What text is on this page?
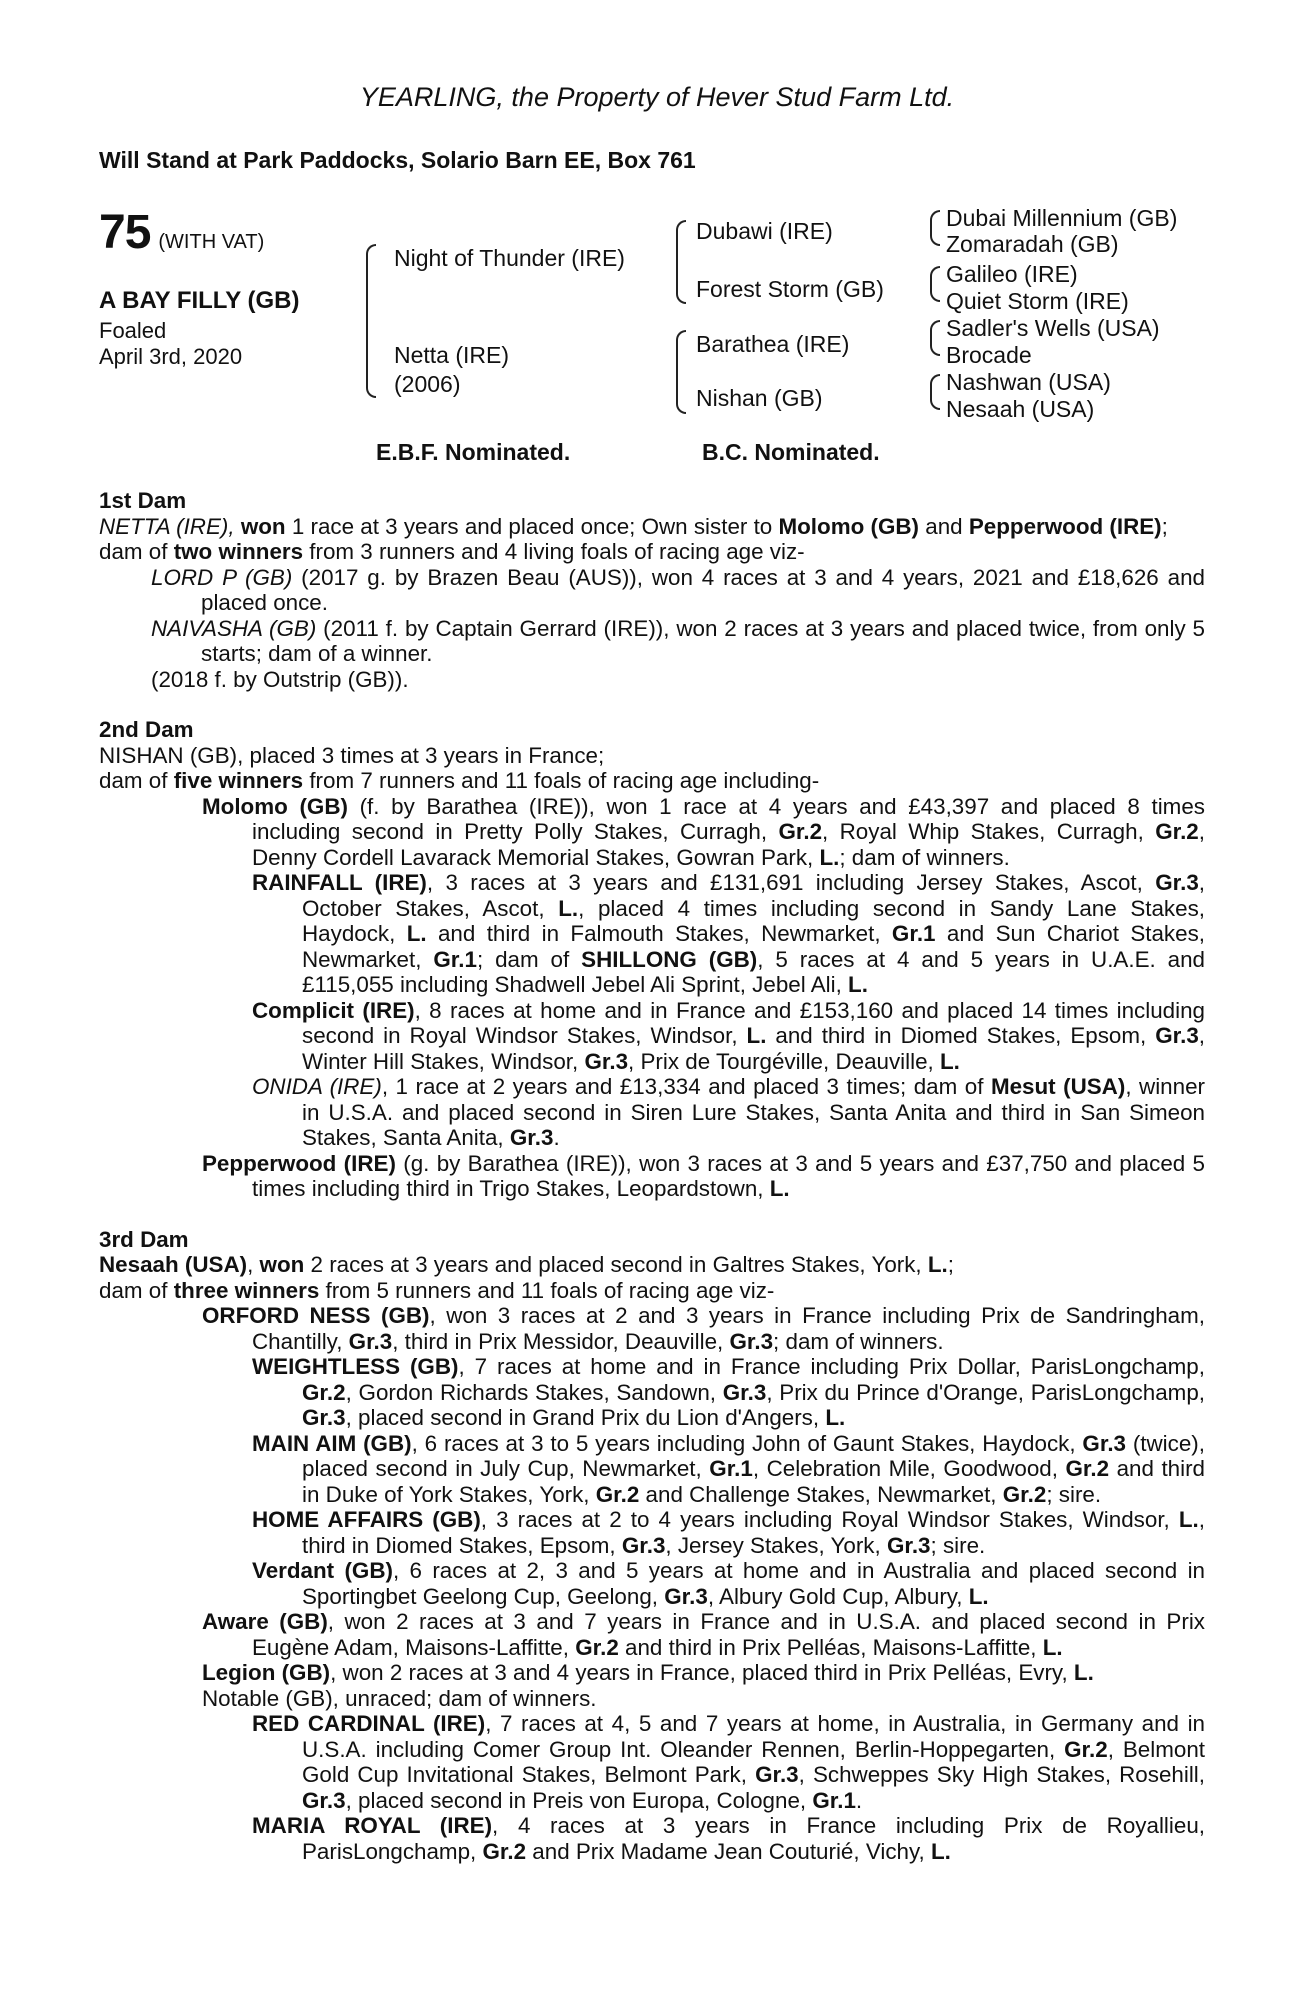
YEARLING, the Property of Hever Stud Farm Ltd.
Will Stand at Park Paddocks, Solario Barn EE, Box 761
75 (WITH VAT)
A BAY FILLY (GB)
Foaled
April 3rd, 2020
Night of Thunder (IRE)
Netta (IRE)
(2006)
Dubawi (IRE)
Forest Storm (GB)
Barathea (IRE)
Nishan (GB)
Dubai Millennium (GB)
Zomaradah (GB)
Galileo (IRE)
Quiet Storm (IRE)
Sadler's Wells (USA)
Brocade
Nashwan (USA)
Nesaah (USA)
E.B.F. Nominated.	B.C. Nominated.
1st Dam

NETTA (IRE), won 1 race at 3 years and placed once; Own sister to Molomo (GB) and Pepperwood (IRE);

dam of two winners from 3 runners and 4 living foals of racing age viz-

LORD P (GB) (2017 g. by Brazen Beau (AUS)), won 4 races at 3 and 4 years, 2021 and £18,626 and placed once.

NAIVASHA (GB) (2011 f. by Captain Gerrard (IRE)), won 2 races at 3 years and placed twice, from only 5 starts; dam of a winner.

(2018 f. by Outstrip (GB)).

2nd Dam

NISHAN (GB), placed 3 times at 3 years in France;

dam of five winners from 7 runners and 11 foals of racing age including-

Molomo (GB) (f. by Barathea (IRE)), won 1 race at 4 years and £43,397 and placed 8 times including second in Pretty Polly Stakes, Curragh, Gr.2, Royal Whip Stakes, Curragh, Gr.2, Denny Cordell Lavarack Memorial Stakes, Gowran Park, L.; dam of winners.

RAINFALL (IRE), 3 races at 3 years and £131,691 including Jersey Stakes, Ascot, Gr.3, October Stakes, Ascot, L., placed 4 times including second in Sandy Lane Stakes, Haydock, L. and third in Falmouth Stakes, Newmarket, Gr.1 and Sun Chariot Stakes, Newmarket, Gr.1; dam of SHILLONG (GB), 5 races at 4 and 5 years in U.A.E. and £115,055 including Shadwell Jebel Ali Sprint, Jebel Ali, L.

Complicit (IRE), 8 races at home and in France and £153,160 and placed 14 times including second in Royal Windsor Stakes, Windsor, L. and third in Diomed Stakes, Epsom, Gr.3, Winter Hill Stakes, Windsor, Gr.3, Prix de Tourgéville, Deauville, L.

ONIDA (IRE), 1 race at 2 years and £13,334 and placed 3 times; dam of Mesut (USA), winner in U.S.A. and placed second in Siren Lure Stakes, Santa Anita and third in San Simeon Stakes, Santa Anita, Gr.3.

Pepperwood (IRE) (g. by Barathea (IRE)), won 3 races at 3 and 5 years and £37,750 and placed 5 times including third in Trigo Stakes, Leopardstown, L.

3rd Dam

Nesaah (USA), won 2 races at 3 years and placed second in Galtres Stakes, York, L.;

dam of three winners from 5 runners and 11 foals of racing age viz-

ORFORD NESS (GB), won 3 races at 2 and 3 years in France including Prix de Sandringham, Chantilly, Gr.3, third in Prix Messidor, Deauville, Gr.3; dam of winners.

WEIGHTLESS (GB), 7 races at home and in France including Prix Dollar, ParisLongchamp, Gr.2, Gordon Richards Stakes, Sandown, Gr.3, Prix du Prince d'Orange, ParisLongchamp, Gr.3, placed second in Grand Prix du Lion d'Angers, L.

MAIN AIM (GB), 6 races at 3 to 5 years including John of Gaunt Stakes, Haydock, Gr.3 (twice), placed second in July Cup, Newmarket, Gr.1, Celebration Mile, Goodwood, Gr.2 and third in Duke of York Stakes, York, Gr.2 and Challenge Stakes, Newmarket, Gr.2; sire.

HOME AFFAIRS (GB), 3 races at 2 to 4 years including Royal Windsor Stakes, Windsor, L., third in Diomed Stakes, Epsom, Gr.3, Jersey Stakes, York, Gr.3; sire.

Verdant (GB), 6 races at 2, 3 and 5 years at home and in Australia and placed second in Sportingbet Geelong Cup, Geelong, Gr.3, Albury Gold Cup, Albury, L.

Aware (GB), won 2 races at 3 and 7 years in France and in U.S.A. and placed second in Prix Eugène Adam, Maisons-Laffitte, Gr.2 and third in Prix Pelléas, Maisons-Laffitte, L.

Legion (GB), won 2 races at 3 and 4 years in France, placed third in Prix Pelléas, Evry, L.

Notable (GB), unraced; dam of winners.

RED CARDINAL (IRE), 7 races at 4, 5 and 7 years at home, in Australia, in Germany and in U.S.A. including Comer Group Int. Oleander Rennen, Berlin-Hoppegarten, Gr.2, Belmont Gold Cup Invitational Stakes, Belmont Park, Gr.3, Schweppes Sky High Stakes, Rosehill, Gr.3, placed second in Preis von Europa, Cologne, Gr.1.

MARIA ROYAL (IRE), 4 races at 3 years in France including Prix de Royallieu, ParisLongchamp, Gr.2 and Prix Madame Jean Couturié, Vichy, L.
